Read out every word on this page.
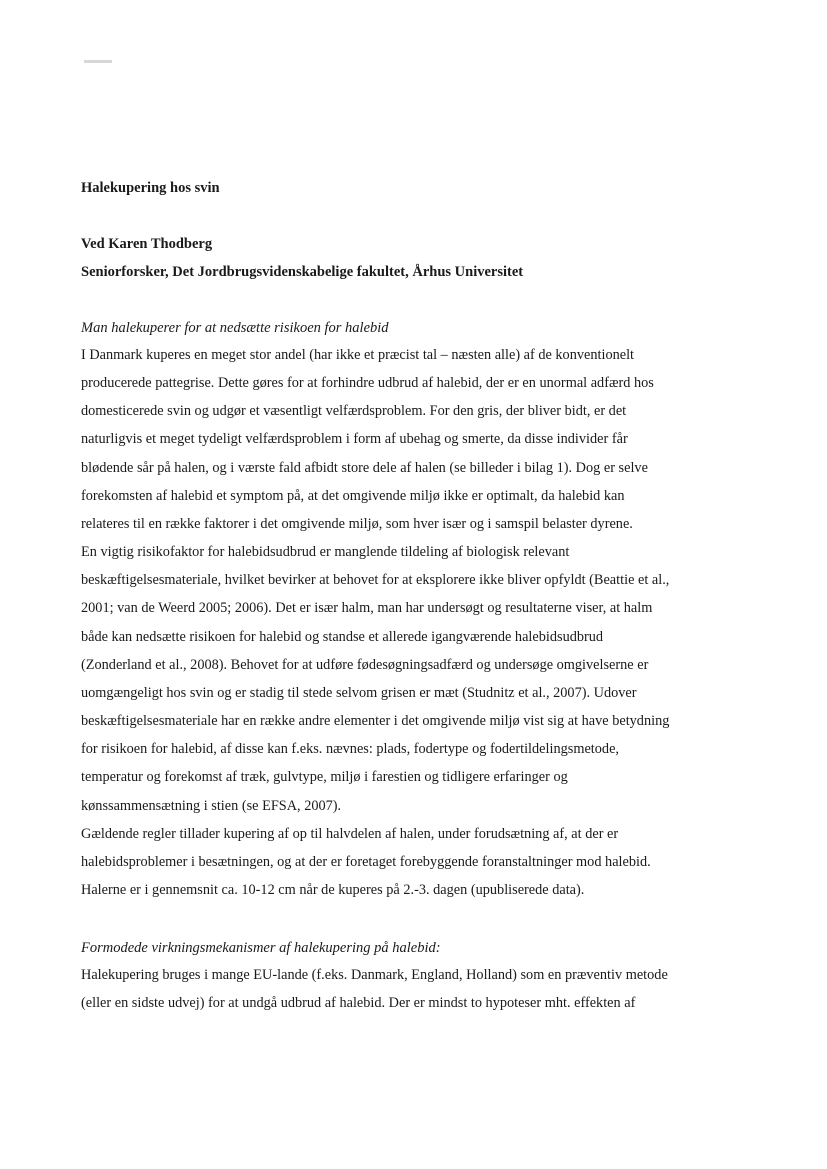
Halekupering hos svin
Ved Karen Thodberg
Seniorforsker, Det Jordbrugsvidenskabelige fakultet, Århus Universitet
Man halekuperer for at nedsætte risikoen for halebid
I Danmark kuperes en meget stor andel (har ikke et præcist tal – næsten alle) af de konventionelt
producerede pattegrise. Dette gøres for at forhindre udbrud af halebid, der er en unormal adfærd hos
domesticerede svin og udgør et væsentligt velfærdsproblem. For den gris, der bliver bidt, er det
naturligvis et meget tydeligt velfærdsproblem i form af ubehag og smerte, da disse individer får
blødende sår på halen, og i værste fald afbidt store dele af halen (se billeder i bilag 1). Dog er selve
forekomsten af halebid et symptom på, at det omgivende miljø ikke er optimalt, da halebid kan
relateres til en række faktorer i det omgivende miljø, som hver især og i samspil belaster dyrene.
En vigtig risikofaktor for halebidsudbrud er manglende tildeling af biologisk relevant
beskæftigelsesmateriale, hvilket bevirker at behovet for at eksplorere ikke bliver opfyldt (Beattie et al.,
2001; van de Weerd 2005; 2006). Det er især halm, man har undersøgt og resultaterne viser, at halm
både kan nedsætte risikoen for halebid og standse et allerede igangværende halebidsudbrud
(Zonderland et al., 2008). Behovet for at udføre fødesøgningsadfærd og undersøge omgivelserne er
uomgængeligt hos svin og er stadig til stede selvom grisen er mæt (Studnitz et al., 2007). Udover
beskæftigelsesmateriale har en række andre elementer i det omgivende miljø vist sig at have betydning
for risikoen for halebid, af disse kan f.eks. nævnes: plads, fodertype og fodertildelingsmetode,
temperatur og forekomst af træk, gulvtype, miljø i farestien og tidligere erfaringer og
kønssammensætning i stien (se EFSA, 2007).
Gældende regler tillader kupering af op til halvdelen af halen, under forudsætning af, at der er
halebidsproblemer i besætningen, og at der er foretaget forebyggende foranstaltninger mod halebid.
Halerne er i gennemsnit ca. 10-12 cm når de kuperes på 2.-3. dagen (upubliserede data).
Formodede virkningsmekanismer af halekupering på halebid:
Halekupering bruges i mange EU-lande (f.eks. Danmark, England, Holland) som en præventiv metode
(eller en sidste udvej) for at undgå udbrud af halebid. Der er mindst to hypoteser mht. effekten af
